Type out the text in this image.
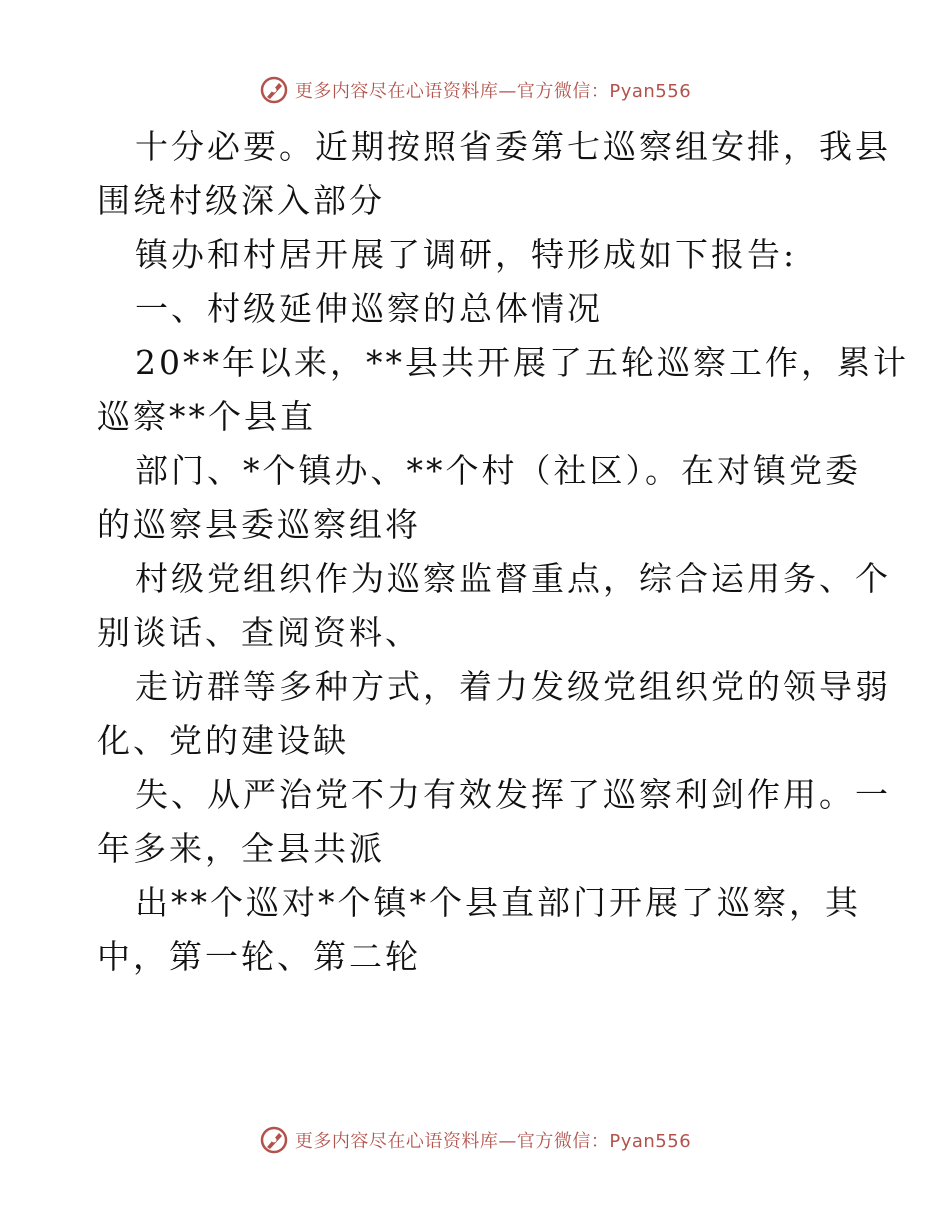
更多内容尽在心语资料库—官方微信：Pyan556

十分必要。近期按照省委第七巡察组安排，我县

围绕村级深入部分

镇办和村居开展了调研，特形成如下报告:

一、村级延伸巡察的总体情况

20**年以来，**县共开展了五轮巡察工作，累计

巡察**个县直

部门、*个镇办、**个村（社区）。在对镇党委

的巡察县委巡察组将

村级党组织作为巡察监督重点，综合运用务、个

别谈话、查阅资料、

走访群等多种方式，着力发级党组织党的领导弱

化、党的建设缺

失、从严治党不力有效发挥了巡察利剑作用。一

年多来，全县共派

出**个巡对*个镇*个县直部门开展了巡察，其

中，第一轮、第二轮

更多内容尽在心语资料库—官方微信：Pyan556
